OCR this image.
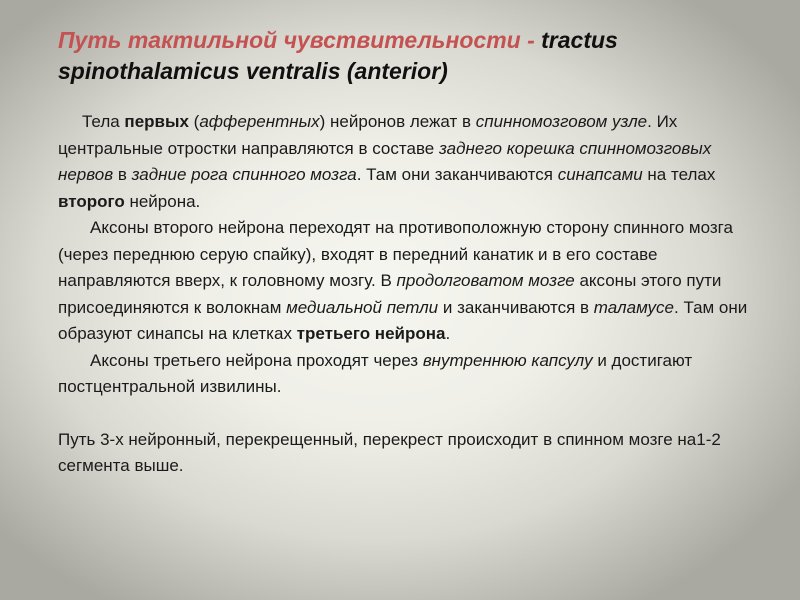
Путь тактильной чувствительности - tractus spinothalamicus ventralis (anterior)

Тела первых (афферентных) нейронов лежат в спинномозговом узле. Их центральные отростки направляются в составе заднего корешка спинномозговых нервов в задние рога спинного мозга. Там они заканчиваются синапсами на телах второго нейрона.

Аксоны второго нейрона переходят на противоположную сторону спинного мозга (через переднюю серую спайку), входят в передний канатик и в его составе направляются вверх, к головному мозгу. В продолговатом мозге аксоны этого пути присоединяются к волокнам медиальной петли и заканчиваются в таламусе. Там они образуют синапсы на клетках третьего нейрона.

Аксоны третьего нейрона проходят через внутреннюю капсулу и достигают постцентральной извилины.

Путь 3-х нейронный, перекрещенный, перекрест происходит в спинном мозге на1-2 сегмента выше.
